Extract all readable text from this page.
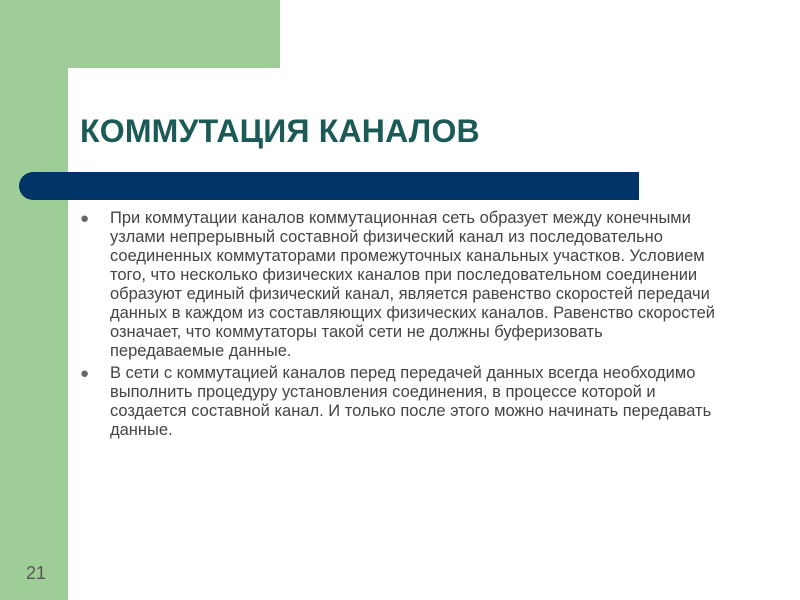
КОММУТАЦИЯ КАНАЛОВ
● При коммутации каналов коммутационная сеть образует между конечными узлами непрерывный составной физический канал из последовательно соединенных коммутаторами промежуточных канальных участков. Условием того, что несколько физических каналов при последовательном соединении образуют единый физический канал, является равенство скоростей передачи данных в каждом из составляющих физических каналов. Равенство скоростей означает, что коммутаторы такой сети не должны буферизовать передаваемые данные.
● В сети с коммутацией каналов перед передачей данных всегда необходимо выполнить процедуру установления соединения, в процессе которой и создается составной канал. И только после этого можно начинать передавать данные.
21
